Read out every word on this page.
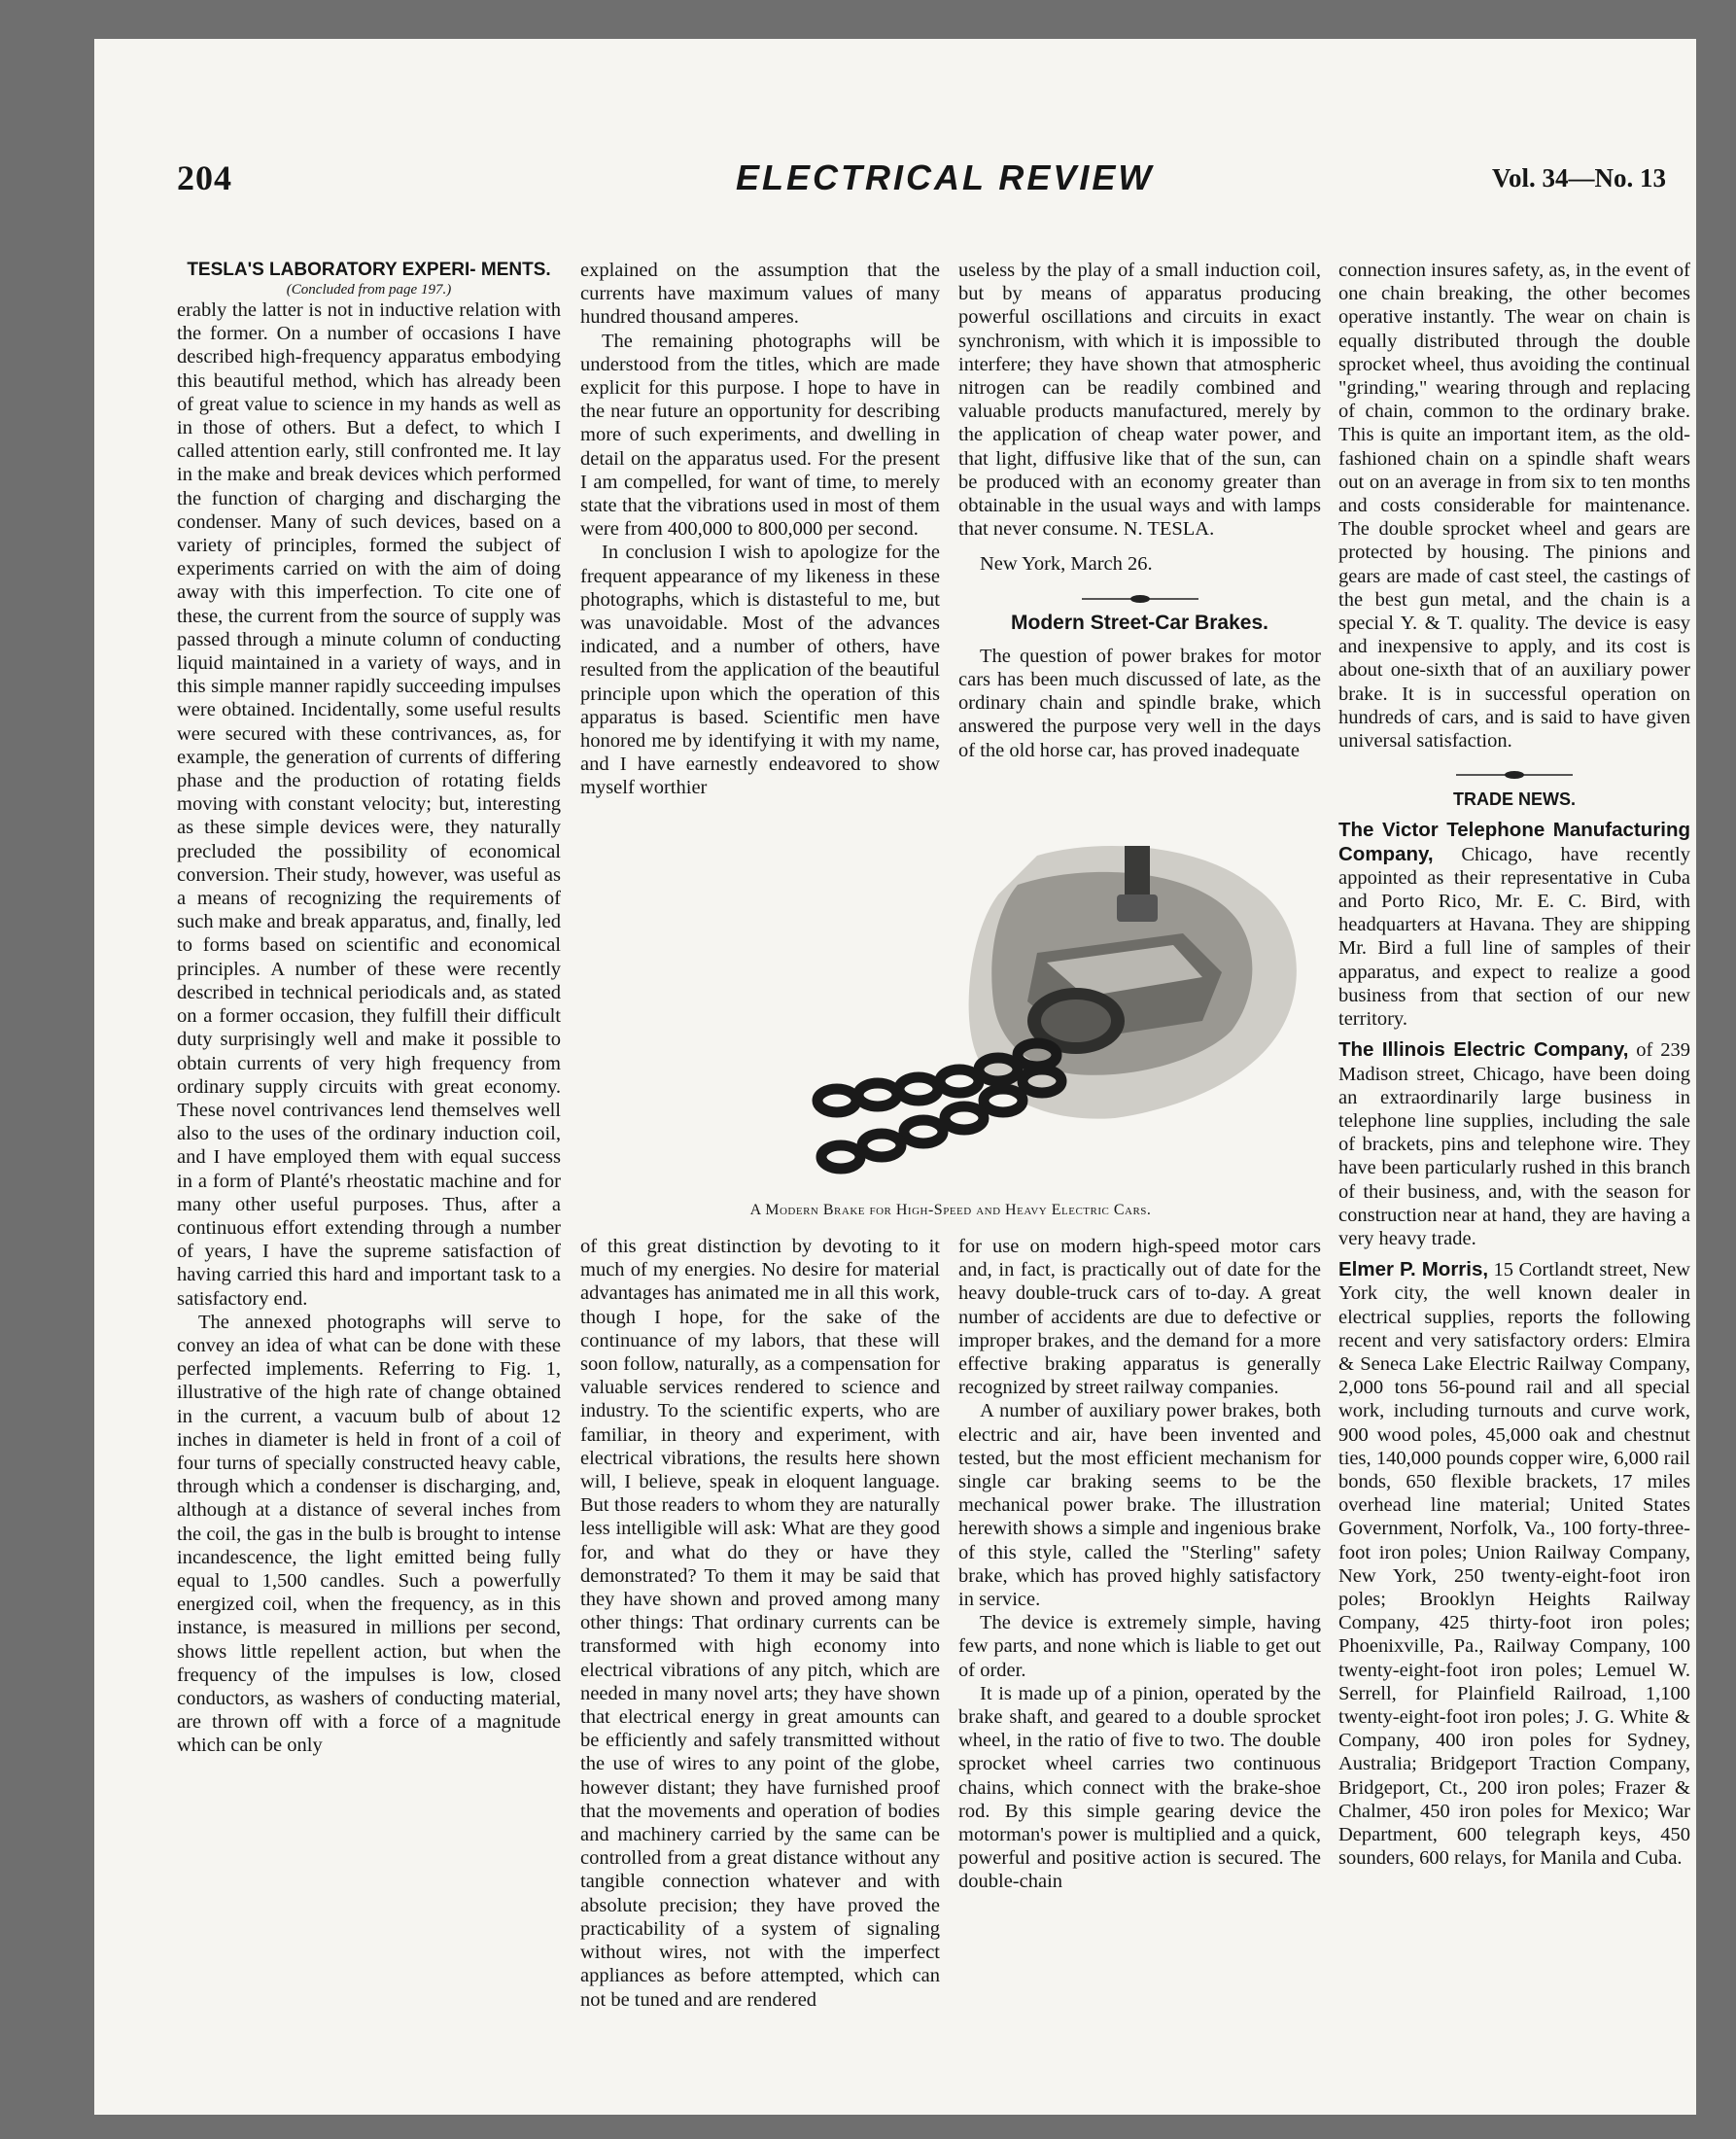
204	ELECTRICAL REVIEW	Vol. 34—No. 13
TESLA'S LABORATORY EXPERI- MENTS.
(Concluded from page 197.)

erably the latter is not in inductive relation with the former. On a number of occasions I have described high-frequency apparatus embodying this beautiful method, which has already been of great value to science in my hands as well as in those of others. But a defect, to which I called attention early, still confronted me. It lay in the make and break devices which performed the function of charging and discharging the condenser. Many of such devices, based on a variety of principles, formed the subject of experiments carried on with the aim of doing away with this imperfection. To cite one of these, the current from the source of supply was passed through a minute column of conducting liquid maintained in a variety of ways, and in this simple manner rapidly succeeding impulses were obtained. Incidentally, some useful results were secured with these contrivances, as, for example, the generation of currents of differing phase and the production of rotating fields moving with constant velocity; but, interesting as these simple devices were, they naturally precluded the possibility of economical conversion. Their study, however, was useful as a means of recognizing the requirements of such make and break apparatus, and, finally, led to forms based on scientific and economical principles. A number of these were recently described in technical periodicals and, as stated on a former occasion, they fulfill their difficult duty surprisingly well and make it possible to obtain currents of very high frequency from ordinary supply circuits with great economy. These novel contrivances lend themselves well also to the uses of the ordinary induction coil, and I have employed them with equal success in a form of Planté's rheostatic machine and for many other useful purposes. Thus, after a continuous effort extending through a number of years, I have the supreme satisfaction of having carried this hard and important task to a satisfactory end.

The annexed photographs will serve to convey an idea of what can be done with these perfected implements. Referring to Fig. 1, illustrative of the high rate of change obtained in the current, a vacuum bulb of about 12 inches in diameter is held in front of a coil of four turns of specially constructed heavy cable, through which a condenser is discharging, and, although at a distance of several inches from the coil, the gas in the bulb is brought to intense incandescence, the light emitted being fully equal to 1,500 candles. Such a powerfully energized coil, when the frequency, as in this instance, is measured in millions per second, shows little repellent action, but when the frequency of the impulses is low, closed conductors, as washers of conducting material, are thrown off with a force of a magnitude which can be only

explained on the assumption that the currents have maximum values of many hundred thousand amperes.

The remaining photographs will be understood from the titles, which are made explicit for this purpose. I hope to have in the near future an opportunity for describing more of such experiments, and dwelling in detail on the apparatus used. For the present I am compelled, for want of time, to merely state that the vibrations used in most of them were from 400,000 to 800,000 per second.

In conclusion I wish to apologize for the frequent appearance of my likeness in these photographs, which is distasteful to me, but was unavoidable. Most of the advances indicated, and a number of others, have resulted from the application of the beautiful principle upon which the operation of this apparatus is based. Scientific men have honored me by identifying it with my name, and I have earnestly endeavored to show myself worthier

useless by the play of a small induction coil, but by means of apparatus producing powerful oscillations and circuits in exact synchronism, with which it is impossible to interfere; they have shown that atmospheric nitrogen can be readily combined and valuable products manufactured, merely by the application of cheap water power, and that light, diffusive like that of the sun, can be produced with an economy greater than obtainable in the usual ways and with lamps that never consume. N. TESLA.

New York, March 26.

Modern Street-Car Brakes.

The question of power brakes for motor cars has been much discussed of late, as the ordinary chain and spindle brake, which answered the purpose very well in the days of the old horse car, has proved inadequate

A Modern Brake for High-Speed and Heavy Electric Cars.

of this great distinction by devoting to it much of my energies. No desire for material advantages has animated me in all this work, though I hope, for the sake of the continuance of my labors, that these will soon follow, naturally, as a compensation for valuable services rendered to science and industry. To the scientific experts, who are familiar, in theory and experiment, with electrical vibrations, the results here shown will, I believe, speak in eloquent language. But those readers to whom they are naturally less intelligible will ask: What are they good for, and what do they or have they demonstrated? To them it may be said that they have shown and proved among many other things: That ordinary currents can be transformed with high economy into electrical vibrations of any pitch, which are needed in many novel arts; they have shown that electrical energy in great amounts can be efficiently and safely transmitted without the use of wires to any point of the globe, however distant; they have furnished proof that the movements and operation of bodies and machinery carried by the same can be controlled from a great distance without any tangible connection whatever and with absolute precision; they have proved the practicability of a system of signaling without wires, not with the imperfect appliances as before attempted, which can not be tuned and are rendered

for use on modern high-speed motor cars and, in fact, is practically out of date for the heavy double-truck cars of to-day. A great number of accidents are due to defective or improper brakes, and the demand for a more effective braking apparatus is generally recognized by street railway companies.

A number of auxiliary power brakes, both electric and air, have been invented and tested, but the most efficient mechanism for single car braking seems to be the mechanical power brake. The illustration herewith shows a simple and ingenious brake of this style, called the "Sterling" safety brake, which has proved highly satisfactory in service.

The device is extremely simple, having few parts, and none which is liable to get out of order.

It is made up of a pinion, operated by the brake shaft, and geared to a double sprocket wheel, in the ratio of five to two. The double sprocket wheel carries two continuous chains, which connect with the brake-shoe rod. By this simple gearing device the motorman's power is multiplied and a quick, powerful and positive action is secured. The double-chain

connection insures safety, as, in the event of one chain breaking, the other becomes operative instantly. The wear on chain is equally distributed through the double sprocket wheel, thus avoiding the continual "grinding," wearing through and replacing of chain, common to the ordinary brake. This is quite an important item, as the old-fashioned chain on a spindle shaft wears out on an average in from six to ten months and costs considerable for maintenance. The double sprocket wheel and gears are protected by housing. The pinions and gears are made of cast steel, the castings of the best gun metal, and the chain is a special Y. & T. quality. The device is easy and inexpensive to apply, and its cost is about one-sixth that of an auxiliary power brake. It is in successful operation on hundreds of cars, and is said to have given universal satisfaction.

TRADE NEWS.

The Victor Telephone Manufacturing Company, Chicago, have recently appointed as their representative in Cuba and Porto Rico, Mr. E. C. Bird, with headquarters at Havana. They are shipping Mr. Bird a full line of samples of their apparatus, and expect to realize a good business from that section of our new territory.

The Illinois Electric Company, of 239 Madison street, Chicago, have been doing an extraordinarily large business in telephone line supplies, including the sale of brackets, pins and telephone wire. They have been particularly rushed in this branch of their business, and, with the season for construction near at hand, they are having a very heavy trade.

Elmer P. Morris, 15 Cortlandt street, New York city, the well known dealer in electrical supplies, reports the following recent and very satisfactory orders: Elmira & Seneca Lake Electric Railway Company, 2,000 tons 56-pound rail and all special work, including turnouts and curve work, 900 wood poles, 45,000 oak and chestnut ties, 140,000 pounds copper wire, 6,000 rail bonds, 650 flexible brackets, 17 miles overhead line material; United States Government, Norfolk, Va., 100 forty-three-foot iron poles; Union Railway Company, New York, 250 twenty-eight-foot iron poles; Brooklyn Heights Railway Company, 425 thirty-foot iron poles; Phoenixville, Pa., Railway Company, 100 twenty-eight-foot iron poles; Lemuel W. Serrell, for Plainfield Railroad, 1,100 twenty-eight-foot iron poles; J. G. White & Company, 400 iron poles for Sydney, Australia; Bridgeport Traction Company, Bridgeport, Ct., 200 iron poles; Frazer & Chalmer, 450 iron poles for Mexico; War Department, 600 telegraph keys, 450 sounders, 600 relays, for Manila and Cuba.
